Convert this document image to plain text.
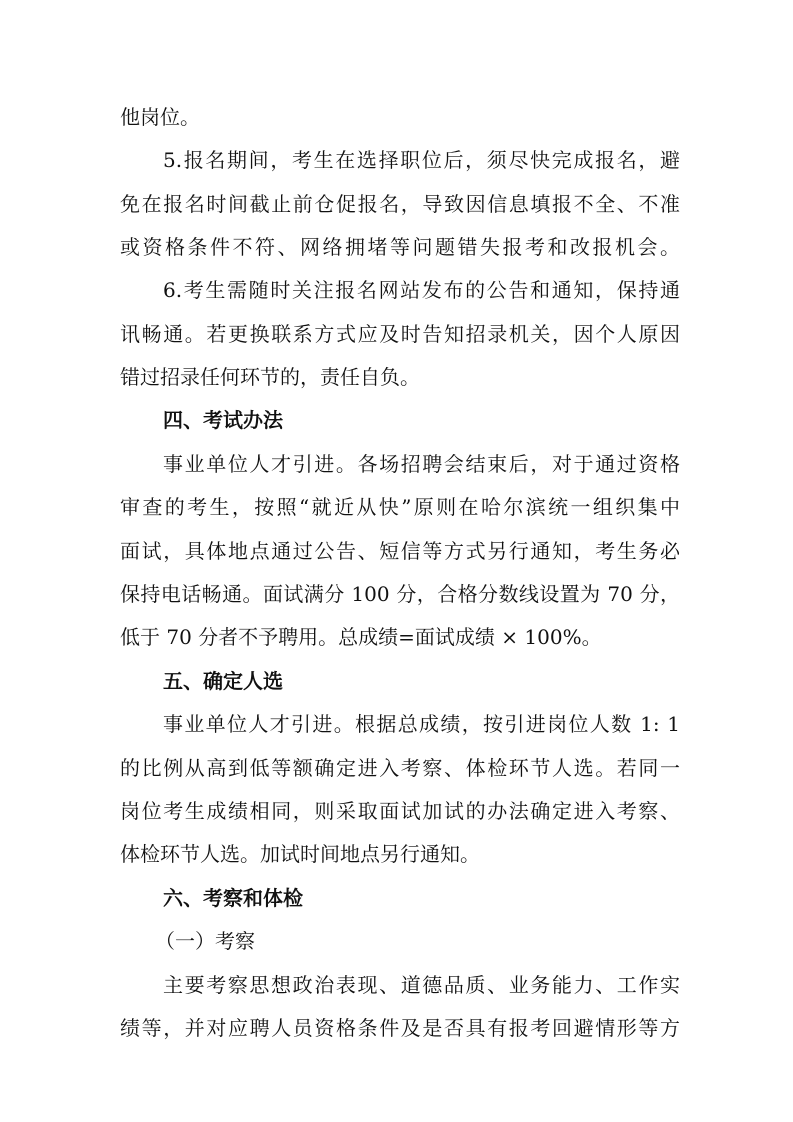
他岗位。
5.报名期间，考生在选择职位后，须尽快完成报名，避
免在报名时间截止前仓促报名，导致因信息填报不全、不准
或资格条件不符、网络拥堵等问题错失报考和改报机会。
6.考生需随时关注报名网站发布的公告和通知，保持通
讯畅通。若更换联系方式应及时告知招录机关，因个人原因
错过招录任何环节的，责任自负。
四、考试办法
事业单位人才引进。各场招聘会结束后，对于通过资格
审查的考生，按照“就近从快”原则在哈尔滨统一组织集中
面试，具体地点通过公告、短信等方式另行通知，考生务必
保持电话畅通。面试满分 100 分，合格分数线设置为 70 分，
低于 70 分者不予聘用。总成绩=面试成绩 × 100%。
五、确定人选
事业单位人才引进。根据总成绩，按引进岗位人数 1: 1
的比例从高到低等额确定进入考察、体检环节人选。若同一
岗位考生成绩相同，则采取面试加试的办法确定进入考察、
体检环节人选。加试时间地点另行通知。
六、考察和体检
（一）考察
主要考察思想政治表现、道德品质、业务能力、工作实
绩等，并对应聘人员资格条件及是否具有报考回避情形等方
